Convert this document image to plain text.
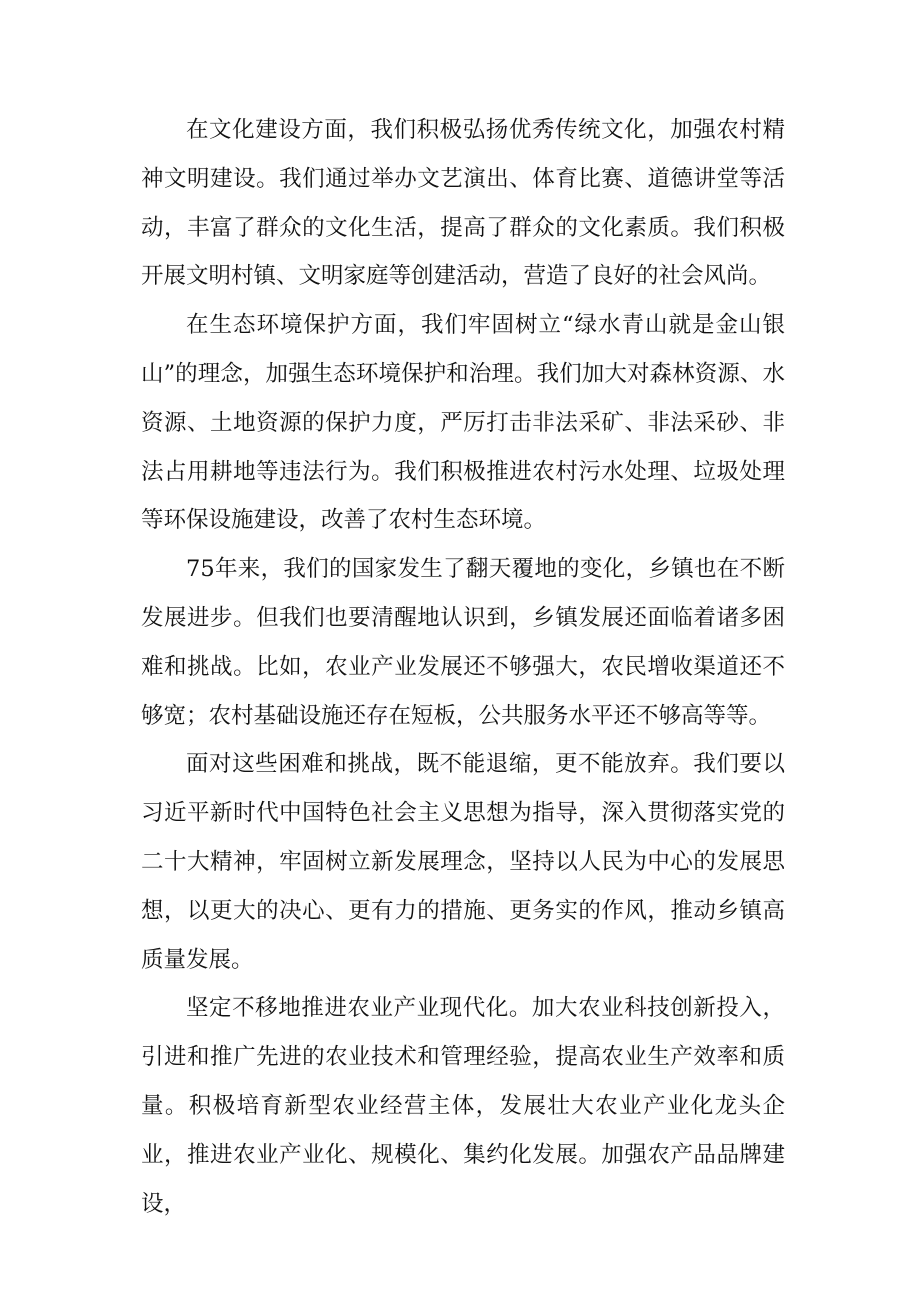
在文化建设方面，我们积极弘扬优秀传统文化，加强农村精神文明建设。我们通过举办文艺演出、体育比赛、道德讲堂等活动，丰富了群众的文化生活，提高了群众的文化素质。我们积极开展文明村镇、文明家庭等创建活动，营造了良好的社会风尚。

在生态环境保护方面，我们牢固树立“绿水青山就是金山银山”的理念，加强生态环境保护和治理。我们加大对森林资源、水资源、土地资源的保护力度，严厉打击非法采矿、非法采砂、非法占用耕地等违法行为。我们积极推进农村污水处理、垃圾处理等环保设施建设，改善了农村生态环境。

75年来，我们的国家发生了翻天覆地的变化，乡镇也在不断发展进步。但我们也要清醒地认识到，乡镇发展还面临着诸多困难和挑战。比如，农业产业发展还不够强大，农民增收渠道还不够宽；农村基础设施还存在短板，公共服务水平还不够高等等。

面对这些困难和挑战，既不能退缩，更不能放弃。我们要以习近平新时代中国特色社会主义思想为指导，深入贯彻落实党的二十大精神，牢固树立新发展理念，坚持以人民为中心的发展思想，以更大的决心、更有力的措施、更务实的作风，推动乡镇高质量发展。

坚定不移地推进农业产业现代化。加大农业科技创新投入，引进和推广先进的农业技术和管理经验，提高农业生产效率和质量。积极培育新型农业经营主体，发展壮大农业产业化龙头企业，推进农业产业化、规模化、集约化发展。加强农产品品牌建设，
